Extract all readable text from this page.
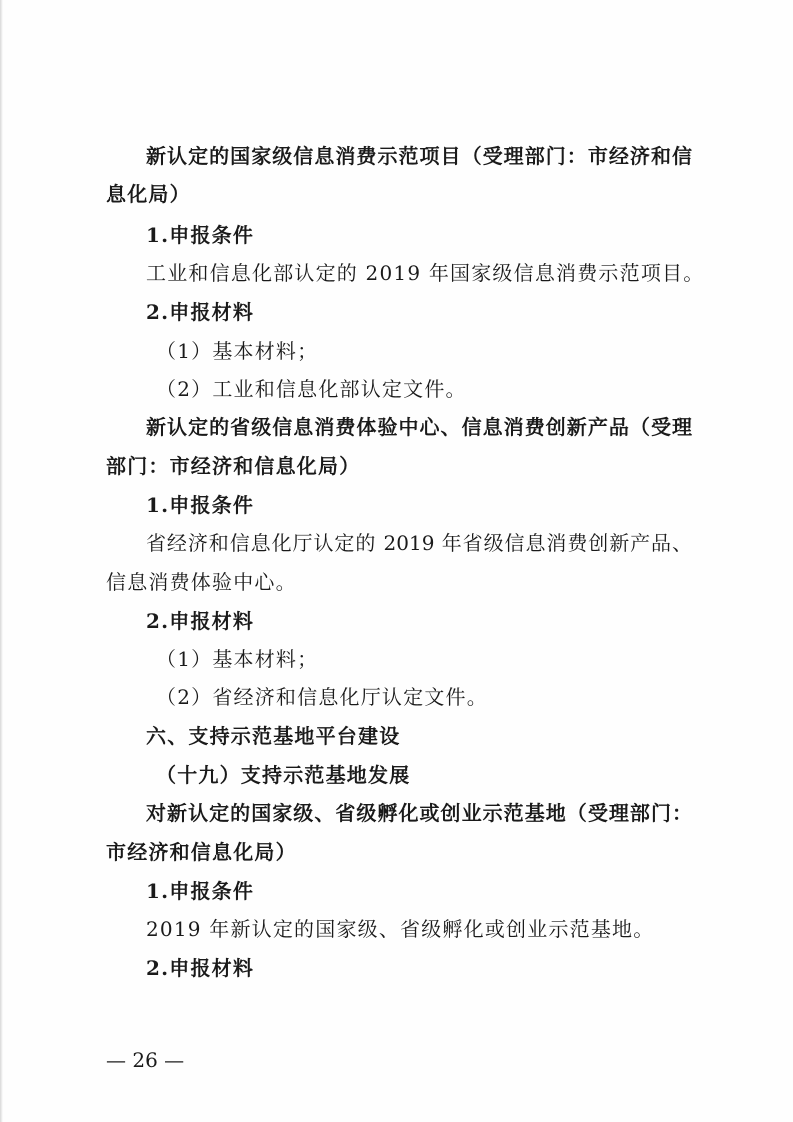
新认定的国家级信息消费示范项目（受理部门：市经济和信
息化局）
1.申报条件
工业和信息化部认定的 2019 年国家级信息消费示范项目。
2.申报材料
（1）基本材料；
（2）工业和信息化部认定文件。
新认定的省级信息消费体验中心、信息消费创新产品（受理
部门：市经济和信息化局）
1.申报条件
省经济和信息化厅认定的 2019 年省级信息消费创新产品、
信息消费体验中心。
2.申报材料
（1）基本材料；
（2）省经济和信息化厅认定文件。
六、支持示范基地平台建设
（十九）支持示范基地发展
对新认定的国家级、省级孵化或创业示范基地（受理部门：
市经济和信息化局）
1.申报条件
2019 年新认定的国家级、省级孵化或创业示范基地。
2.申报材料
— 26 —
